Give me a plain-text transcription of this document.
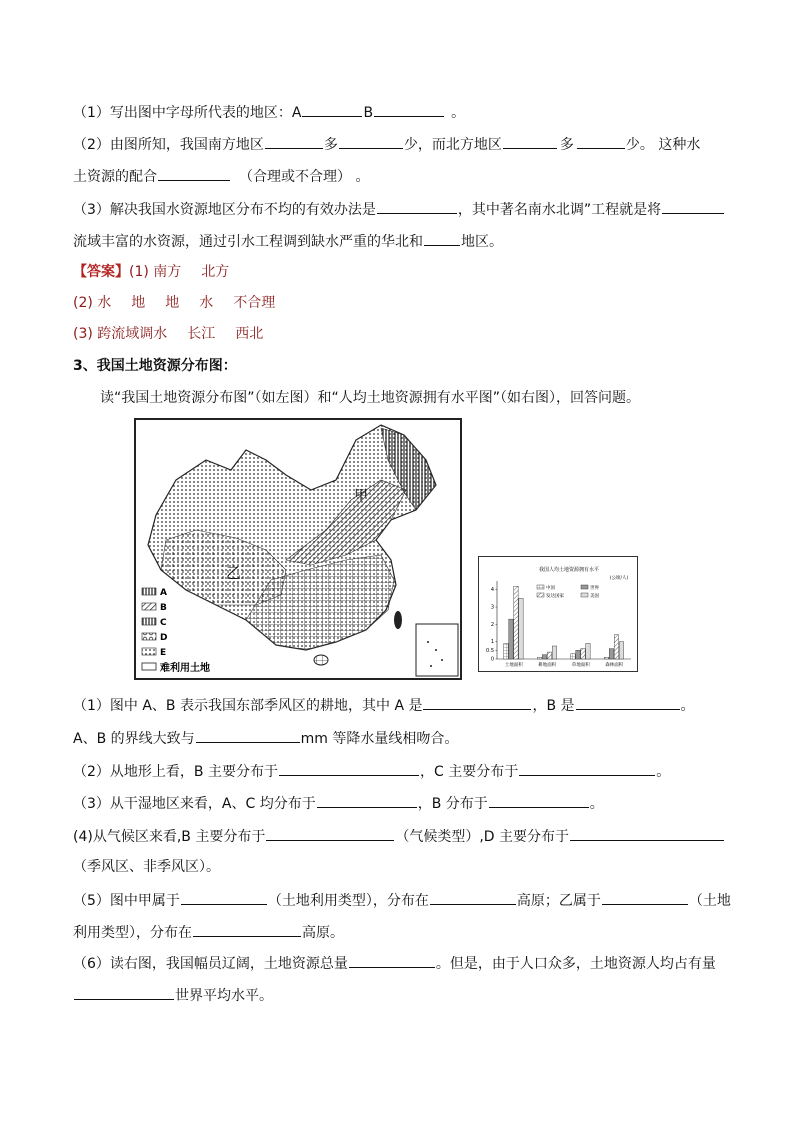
（1）写出图中字母所代表的地区：A	B	。
（2）由图所知，我国南方地区	多	少，而北方地区	多	少。 这种水
土资源的配合	（合理或不合理） 。
（3）解决我国水资源地区分布不均的有效办法是	，其中著名南水北调”工程就是将
流域丰富的水资源，通过引水工程调到缺水严重的华北和	地区。
【答案】(1) 南方 北方
(2) 水 地 地 水 不合理
(3) 跨流域调水 长江 西北
3、我国土地资源分布图：
读“我国土地资源分布图”（如左图）和“人均土地资源拥有水平图”（如右图），回答问题。
甲
乙
A
B
C
D
E
难利用土地
我国人均土地资源拥有水平
(公顷/人)
中国	世界
发达国家	美国
0
0.5
1
2
3
4
土地面积	耕地面积	草地面积	森林面积
（1）图中 A、B 表示我国东部季风区的耕地，其中 A 是	，B 是	。
A、B 的界线大致与	mm 等降水量线相吻合。
（2）从地形上看，B 主要分布于	，C 主要分布于	。
（3）从干湿地区来看，A、C 均分布于	，B 分布于	。
(4)从气候区来看,B 主要分布于	（气候类型）,D 主要分布于
（季风区、非季风区）。
（5）图中甲属于	（土地利用类型），分布在	高原；乙属于	（土地
利用类型），分布在	高原。
（6）读右图，我国幅员辽阔，土地资源总量	。但是，由于人口众多，土地资源人均占有量
世界平均水平。
